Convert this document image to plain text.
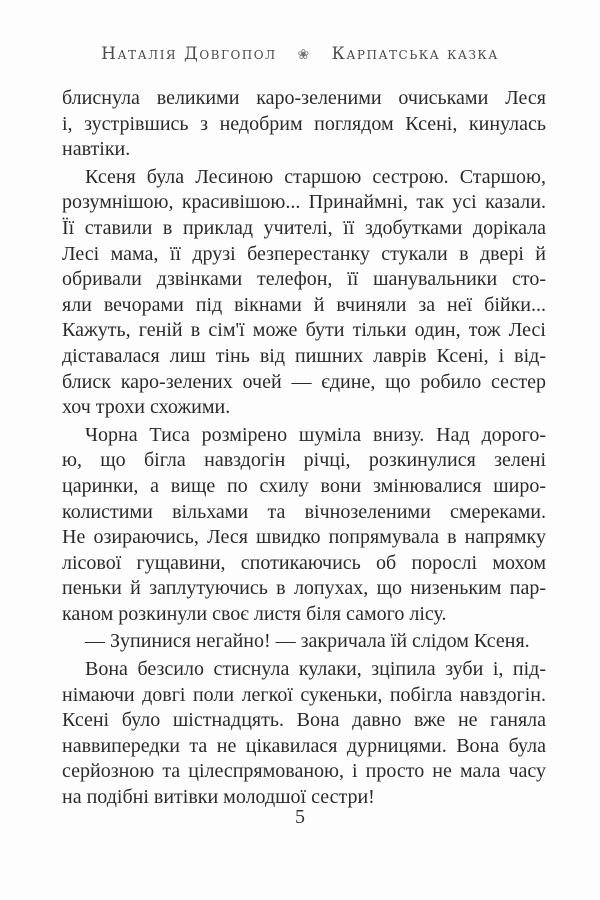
Наталія Довгопол ❀ Карпатська казка
блиснула великими каро-зеленими очиськами Леся
і, зустрівшись з недобрим поглядом Ксені, кинулась
навтіки.
Ксеня була Лесиною старшою сестрою. Старшою,
розумнішою, красивішою... Принаймні, так усі казали.
Її ставили в приклад учителі, її здобутками дорікала
Лесі мама, її друзі безперестанку стукали в двері й
обривали дзвінками телефон, її шанувальники сто-
яли вечорами під вікнами й вчиняли за неї бійки...
Кажуть, геній в сім'ї може бути тільки один, тож Лесі
діставалася лиш тінь від пишних лаврів Ксені, і від-
блиск каро-зелених очей — єдине, що робило сестер
хоч трохи схожими.
Чорна Тиса розмірено шуміла внизу. Над дорого-
ю, що бігла навздогін річці, розкинулися зелені
царинки, а вище по схилу вони змінювалися широ-
колистими вільхами та вічнозеленими смереками.
Не озираючись, Леся швидко попрямувала в напрямку
лісової гущавини, спотикаючись об порослі мохом
пеньки й заплутуючись в лопухах, що низеньким пар-
каном розкинули своє листя біля самого лісу.
— Зупинися негайно! — закричала їй слідом Ксеня.
Вона безсило стиснула кулаки, зціпила зуби і, під-
німаючи довгі поли легкої сукеньки, побігла навздогін.
Ксені було шістнадцять. Вона давно вже не ганяла
наввипередки та не цікавилася дурницями. Вона була
серйозною та цілеспрямованою, і просто не мала часу
на подібні витівки молодшої сестри!
5
